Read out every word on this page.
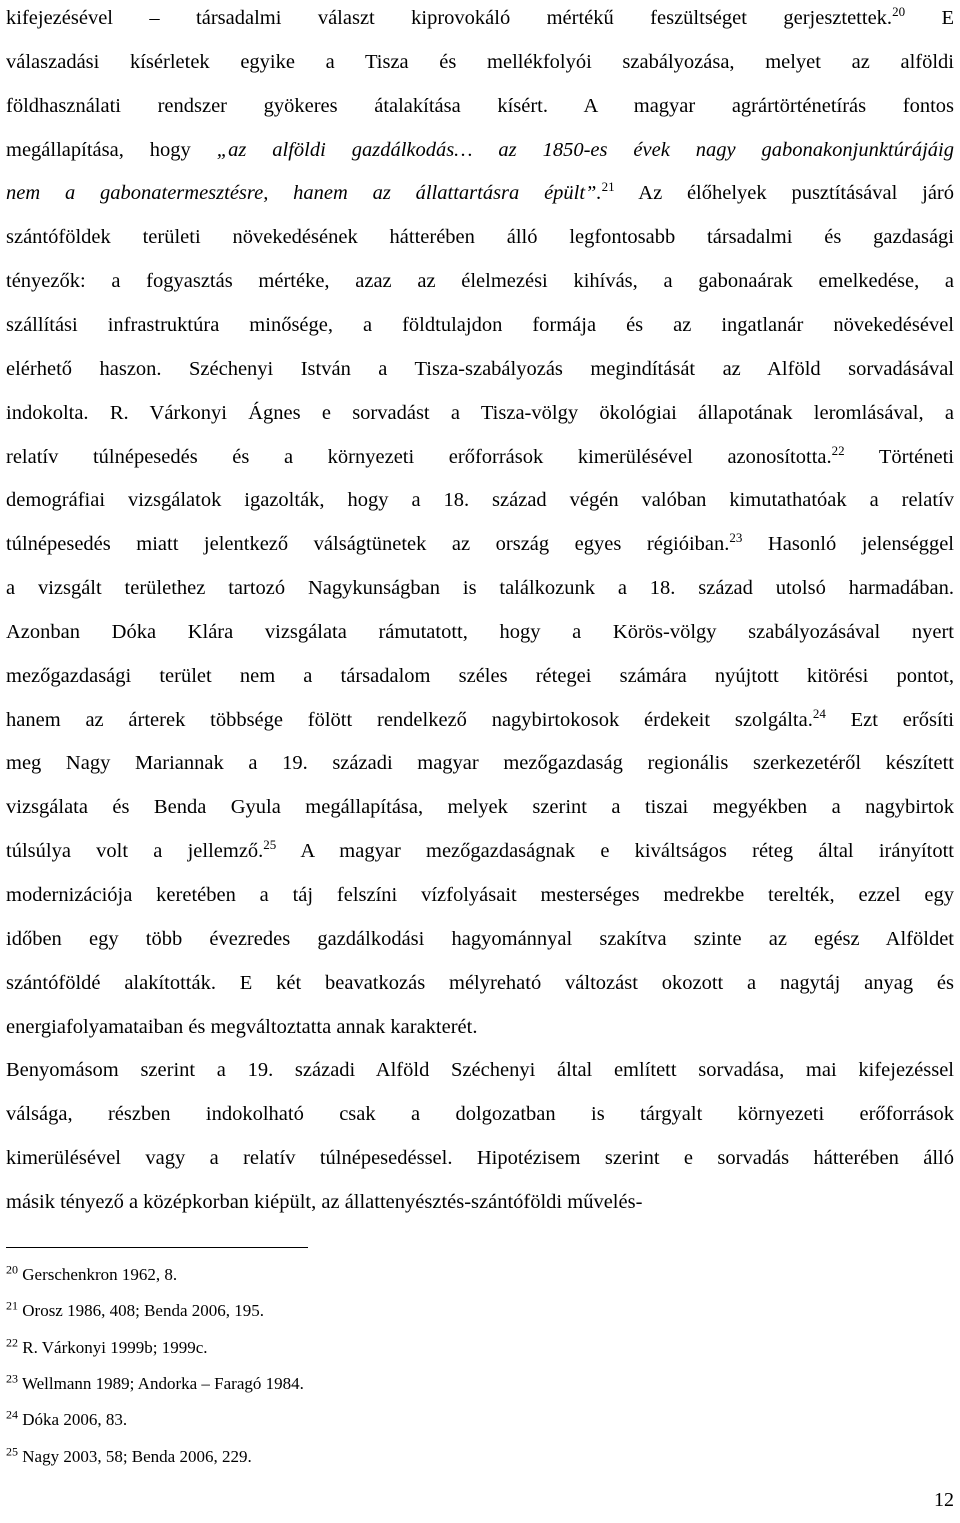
kifejezésével – társadalmi választ kiprovokáló mértékű feszültséget gerjesztettek.$^{20}$ E
válaszadási kísérletek egyike a Tisza és mellékfolyói szabályozása, melyet az alföldi
földhasználati rendszer gyökeres átalakítása kísért. A magyar agrártörténetírás fontos
megállapítása, hogy „az alföldi gazdálkodás… az 1850-es évek nagy gabonakonjunktúrájáig
nem a gabonatermesztésre, hanem az állattartásra épült”.$^{21}$ Az élőhelyek pusztításával járó
szántóföldek területi növekedésének hátterében álló legfontosabb társadalmi és gazdasági
tényezők: a fogyasztás mértéke, azaz az élelmezési kihívás, a gabonaárak emelkedése, a
szállítási infrastruktúra minősége, a földtulajdon formája és az ingatlanár növekedésével
elérhető haszon. Széchenyi István a Tisza-szabályozás megindítását az Alföld sorvadásával
indokolta. R. Várkonyi Ágnes e sorvadást a Tisza-völgy ökológiai állapotának leromlásával, a
relatív túlnépesedés és a környezeti erőforrások kimerülésével azonosította.$^{22}$ Történeti
demográfiai vizsgálatok igazolták, hogy a 18. század végén valóban kimutathatóak a relatív
túlnépesedés miatt jelentkező válságtünetek az ország egyes régióiban.$^{23}$ Hasonló jelenséggel
a vizsgált területhez tartozó Nagykunságban is találkozunk a 18. század utolsó harmadában.
Azonban Dóka Klára vizsgálata rámutatott, hogy a Körös-völgy szabályozásával nyert
mezőgazdasági terület nem a társadalom széles rétegei számára nyújtott kitörési pontot,
hanem az árterek többsége fölött rendelkező nagybirtokosok érdekeit szolgálta.$^{24}$ Ezt erősíti
meg Nagy Mariannak a 19. századi magyar mezőgazdaság regionális szerkezetéről készített
vizsgálata és Benda Gyula megállapítása, melyek szerint a tiszai megyékben a nagybirtok
túlsúlya volt a jellemző.$^{25}$ A magyar mezőgazdaságnak e kiváltságos réteg által irányított
modernizációja keretében a táj felszíni vízfolyásait mesterséges medrekbe terelték, ezzel egy
időben egy több évezredes gazdálkodási hagyománnyal szakítva szinte az egész Alföldet
szántóföldé alakították. E két beavatkozás mélyreható változást okozott a nagytáj anyag és
energiafolyamataiban és megváltoztatta annak karakterét.
Benyomásom szerint a 19. századi Alföld Széchenyi által említett sorvadása, mai kifejezéssel
válsága, részben indokolható csak a dolgozatban is tárgyalt környezeti erőforrások
kimerülésével vagy a relatív túlnépesedéssel. Hipotézisem szerint e sorvadás hátterében álló
másik tényező a középkorban kiépült, az állattenyésztés-szántóföldi művelés-
$^{20}$ Gerschenkron 1962, 8.
$^{21}$ Orosz 1986, 408; Benda 2006, 195.
$^{22}$ R. Várkonyi 1999b; 1999c.
$^{23}$ Wellmann 1989; Andorka – Faragó 1984.
$^{24}$ Dóka 2006, 83.
$^{25}$ Nagy 2003, 58; Benda 2006, 229.
12
